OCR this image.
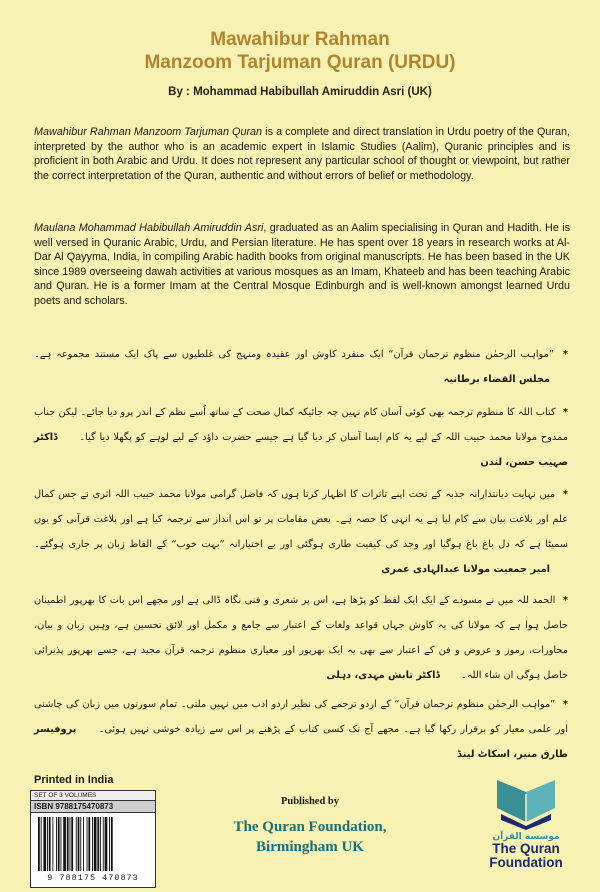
Mawahibur Rahman
Manzoom Tarjuman Quran (URDU)
By : Mohammad Habibullah Amiruddin Asri (UK)
Mawahibur Rahman Manzoom Tarjuman Quran is a complete and direct translation in Urdu poetry of the Quran, interpreted by the author who is an academic expert in Islamic Studies (Aalim), Quranic principles and is proficient in both Arabic and Urdu. It does not represent any particular school of thought or viewpoint, but rather the correct interpretation of the Quran, authentic and without errors of belief or methodology.
Maulana Mohammad Habibullah Amiruddin Asri, graduated as an Aalim specialising in Quran and Hadith. He is well versed in Quranic Arabic, Urdu, and Persian literature. He has spent over 18 years in research works at Al-Dar Al Qayyma, India, in compiling Arabic hadith books from original manuscripts. He has been based in the UK since 1989 overseeing dawah activities at various mosques as an Imam, Khateeb and has been teaching Arabic and Quran. He is a former Imam at the Central Mosque Edinburgh and is well-known amongst learned Urdu poets and scholars.
* ”مواہب الرحمٰن منظوم ترجمان قرآن“ ایک منفرد کاوش اور عقیدہ ومنہج کی غلطیوں سے پاک ایک مستند مجموعہ ہے۔ مجلس القضاء برطانیہ
* کتاب اللہ کا منظوم ترجمہ بھی کوئی آسان کام نہیں چہ جائیکہ کمال صحت کے ساتھ اُسے نظم کے اندر پرو دیا جائے۔ لیکن جناب ممدوح مولانا محمد حبیب اللہ کے لیے یہ کام ایسا آسان کر دیا گیا ہے جیسے حضرت داؤد کے لیے لوہے کو پگھلا دیا گیا۔ ڈاکٹر صہیب حسن، لندن
* میں نہایت دیانتدارانہ جذبہ کے تحت اپنے تاثرات کا اظہار کرتا ہوں کہ فاضل گرامی مولانا محمد حبیب اللہ اثری نے جس کمال علم اور بلاغت بیان سے کام لیا ہے یہ انہی کا حصہ ہے۔ بعض مقامات پر تو اس انداز سے ترجمہ کیا ہے اور بلاغت قرآنی کو یوں سمیٹا ہے کہ دل باغ باغ ہوگیا اور وجد کی کیفیت طاری ہوگئی اور بے اختیارانہ ”بہت خوب“ کے الفاظ زبان پر جاری ہوگئے۔ امیر جمعیت مولانا عبدالہادی عمری
* الحمد للہ میں نے مسودے کے ایک ایک لفظ کو پڑھا ہے، اس پر شعری و فنی نگاہ ڈالی ہے اور مجھے اس بات کا بھرپور اطمینان حاصل ہوا ہے کہ مولانا کی یہ کاوش جہاں قواعد ولغات کے اعتبار سے جامع و مکمل اور لائق تحسین ہے، وہیں زبان و بیان، محاورات، رموز و عروض و فن کے اعتبار سے بھی یہ ایک بھرپور اور معیاری منظوم ترجمہ قرآن مجید ہے، جسے بھرپور پذیرائی حاصل ہوگی ان شاء اللہ۔ ڈاکٹر تابش مہدی، دہلی
* ”مواہب الرحمٰن منظوم ترجمان قرآن“ کے اردو ترجمے کی نظیر اردو ادب میں نہیں ملتی۔ تمام سورتوں میں زبان کی چاشنی اور علمی معیار کو برقرار رکھا گیا ہے۔ مجھے آج تک کسی کتاب کے پڑھنے پر اس سے زیادہ خوشی نہیں ہوئی۔ پروفیسر طارق منیر، اسکاٹ لینڈ
Printed in India
SET OF 3 VOLUMES
ISBN 9788175470873
9 788175 470873
Published by
The Quran Foundation,
Birmingham UK
موسسة القرآن
The Quran
Foundation
